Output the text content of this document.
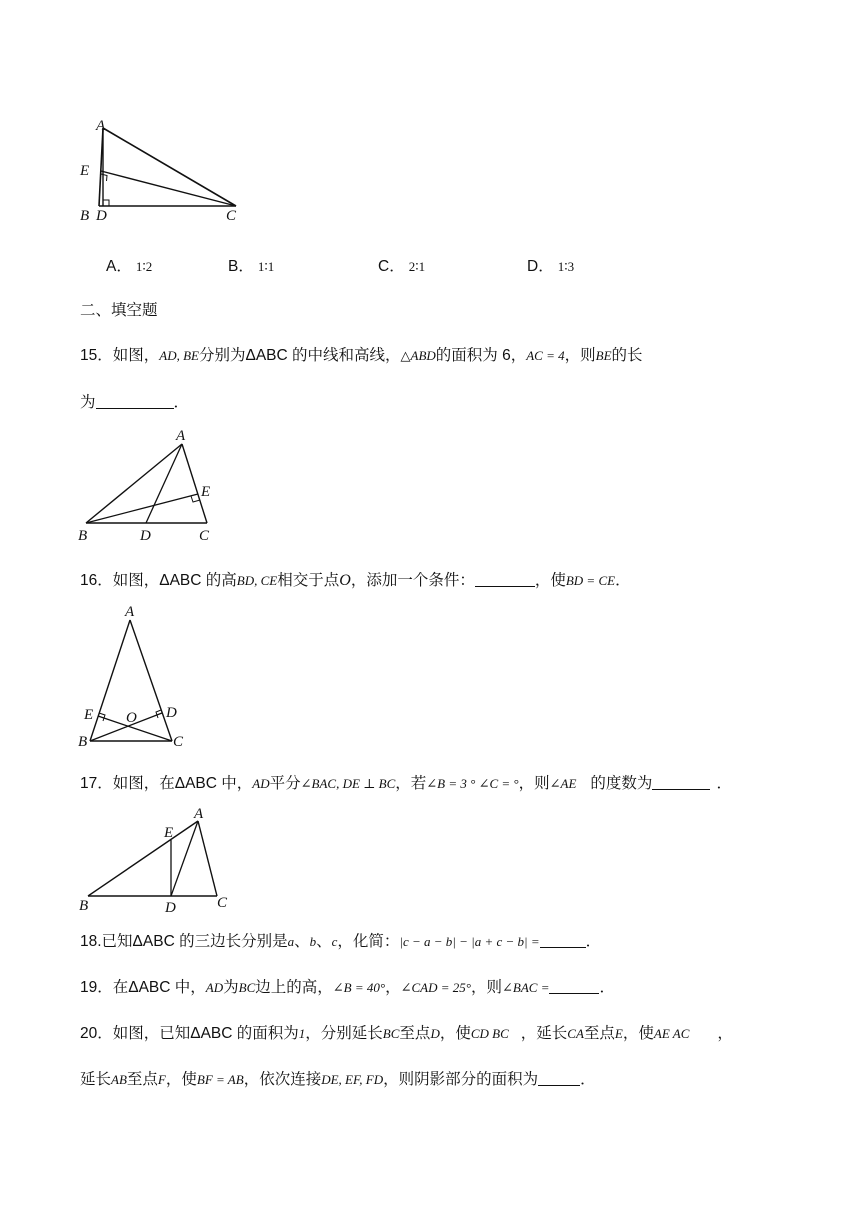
A
E
B D	C
A． 1∶2	B． 1∶1	C． 2∶1	D． 1∶3
二、填空题
15．如图，AD, BE分别为ΔABC 的中线和高线，△ABD的面积为 6，AC = 4，则BE的长
为	．
A
E
B	D	C
16．如图，ΔABC 的高BD, CE相交于点O，添加一个条件：	，使BD = CE．
A
E O D
B	C
17．如图，在ΔABC 中，AD平分∠BAC, DE ⊥ BC，若∠B = 3 ° ∠C = °，则∠AE 的度数为	．
E
A
B	D	C
18.已知ΔABC 的三边长分别是a、b、c，化简：|c − a − b| − |a + c − b| =	．
19．在ΔABC 中，AD为BC边上的高，∠B = 40°，∠CAD = 25°，则∠BAC =	．
20．如图，已知ΔABC 的面积为1，分别延长BC至点D，使CD BC ，延长CA至点E，使AE AC ，
延长AB至点F，使BF = AB，依次连接DE, EF, FD，则阴影部分的面积为	．
